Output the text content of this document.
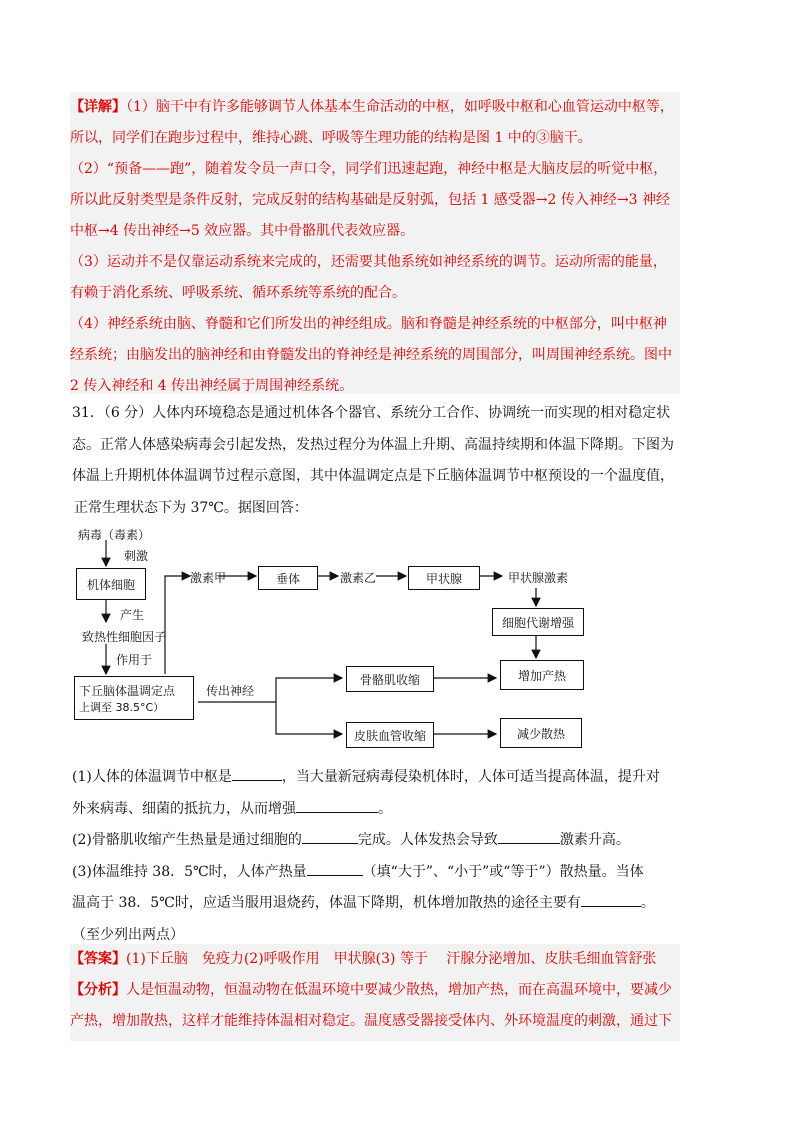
【详解】（1）脑干中有许多能够调节人体基本生命活动的中枢，如呼吸中枢和心血管运动中枢等，

所以，同学们在跑步过程中，维持心跳、呼吸等生理功能的结构是图 1 中的③脑干。

（2）“预备——跑”，随着发令员一声口令，同学们迅速起跑，神经中枢是大脑皮层的听觉中枢，

所以此反射类型是条件反射，完成反射的结构基础是反射弧，包括 1 感受器→2 传入神经→3 神经

中枢→4 传出神经→5 效应器。其中骨骼肌代表效应器。

（3）运动并不是仅靠运动系统来完成的，还需要其他系统如神经系统的调节。运动所需的能量，

有赖于消化系统、呼吸系统、循环系统等系统的配合。

（4）神经系统由脑、脊髓和它们所发出的神经组成。脑和脊髓是神经系统的中枢部分，叫中枢神

经系统；由脑发出的脑神经和由脊髓发出的脊神经是神经系统的周围部分，叫周围神经系统。图中

2 传入神经和 4 传出神经属于周围神经系统。

31．（6 分）人体内环境稳态是通过机体各个器官、系统分工合作、协调统一而实现的相对稳定状

态。正常人体感染病毒会引起发热，发热过程分为体温上升期、高温持续期和体温下降期。下图为

体温上升期机体体温调节过程示意图，其中体温调定点是下丘脑体温调节中枢预设的一个温度值，

正常生理状态下为 37℃。据图回答：

病毒（毒素）
刺激
机体细胞
产生
致热性细胞因子
作用于
下丘脑体温调定点
上调至 38.5°C）
激素甲	垂体	激素乙	甲状腺	甲状腺激素
细胞代谢增强
传出神经
骨骼肌收缩	增加产热
皮肤血管收缩	减少散热

(1)人体的体温调节中枢是	，当大量新冠病毒侵染机体时，人体可适当提高体温，提升对

外来病毒、细菌的抵抗力，从而增强	。

(2)骨骼肌收缩产生热量是通过细胞的	完成。人体发热会导致	激素升高。

(3)体温维持 38．5℃时，人体产热量	（填“大于”、“小于”或“等于”）散热量。当体

温高于 38．5℃时，应适当服用退烧药，体温下降期，机体增加散热的途径主要有	。

（至少列出两点）

【答案】(1)下丘脑　免疫力(2)呼吸作用　甲状腺(3) 等于　 汗腺分泌增加、皮肤毛细血管舒张

【分析】人是恒温动物，恒温动物在低温环境中要减少散热，增加产热，而在高温环境中，要减少

产热，增加散热，这样才能维持体温相对稳定。温度感受器接受体内、外环境温度的刺激，通过下
